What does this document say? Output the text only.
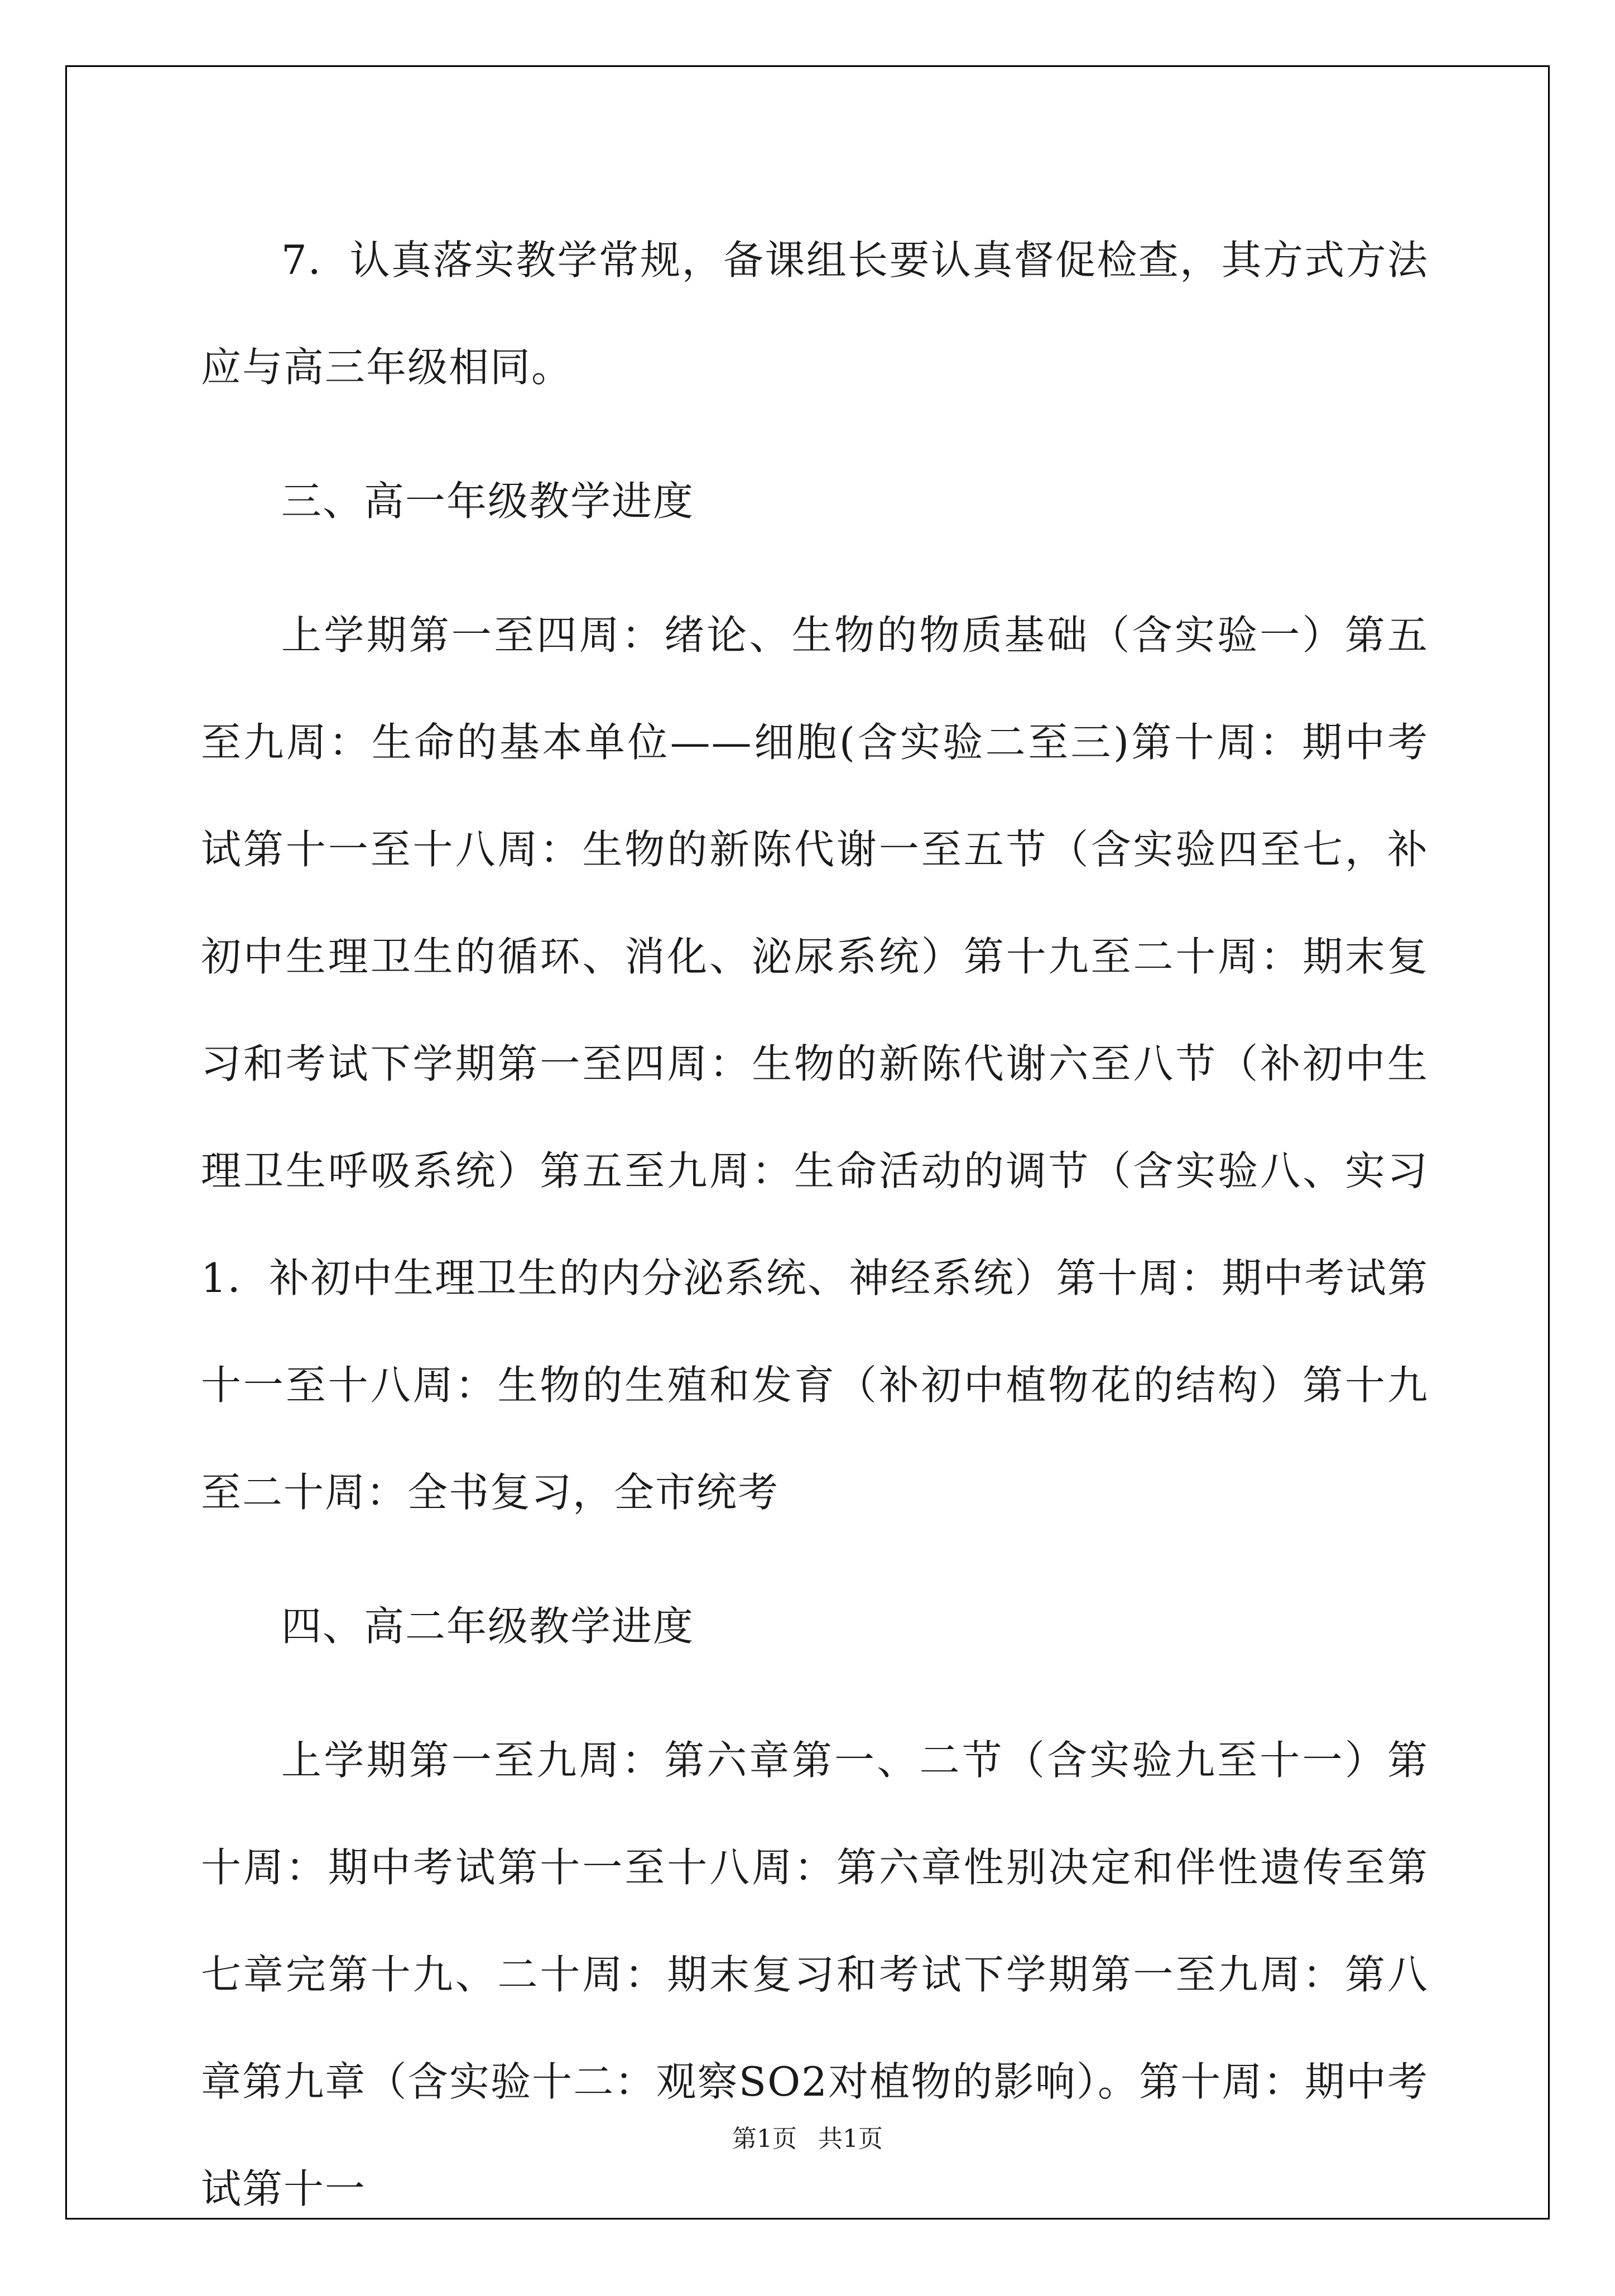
7．认真落实教学常规，备课组长要认真督促检查，其方式方法应与高三年级相同。

三、高一年级教学进度

上学期第一至四周：绪论、生物的物质基础（含实验一）第五至九周：生命的基本单位——细胞(含实验二至三)第十周：期中考试第十一至十八周：生物的新陈代谢一至五节（含实验四至七，补初中生理卫生的循环、消化、泌尿系统）第十九至二十周：期末复习和考试下学期第一至四周：生物的新陈代谢六至八节（补初中生理卫生呼吸系统）第五至九周：生命活动的调节（含实验八、实习1．补初中生理卫生的内分泌系统、神经系统）第十周：期中考试第十一至十八周：生物的生殖和发育（补初中植物花的结构）第十九至二十周：全书复习，全市统考

四、高二年级教学进度

上学期第一至九周：第六章第一、二节（含实验九至十一）第十周：期中考试第十一至十八周：第六章性别决定和伴性遗传至第七章完第十九、二十周：期末复习和考试下学期第一至九周：第八章第九章（含实验十二：观察SO2对植物的影响）。第十周：期中考试第十一

第1页 共1页
